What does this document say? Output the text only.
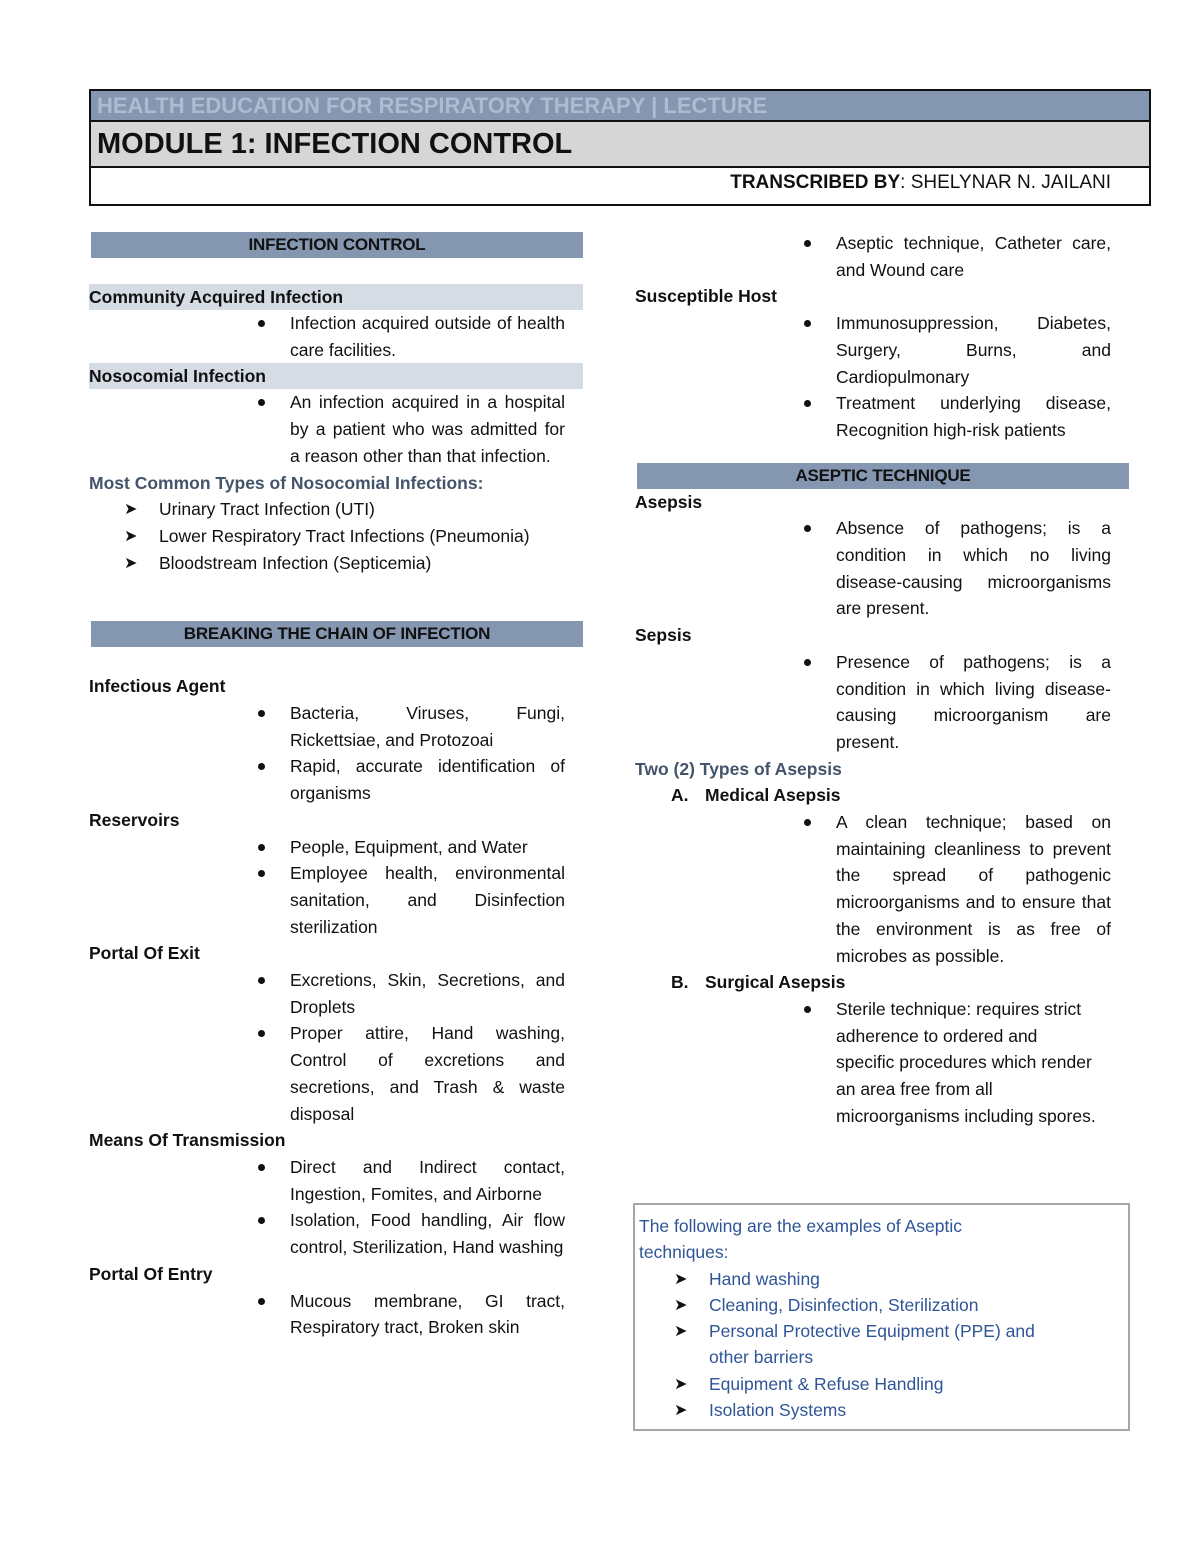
HEALTH EDUCATION FOR RESPIRATORY THERAPY | LECTURE
MODULE 1: INFECTION CONTROL
TRANSCRIBED BY: SHELYNAR N. JAILANI
INFECTION CONTROL
Community Acquired Infection
Infection acquired outside of health care facilities.
Nosocomial Infection
An infection acquired in a hospital by a patient who was admitted for a reason other than that infection.
Most Common Types of Nosocomial Infections:
➤ Urinary Tract Infection (UTI)
➤ Lower Respiratory Tract Infections (Pneumonia)
➤ Bloodstream Infection (Septicemia)
BREAKING THE CHAIN OF INFECTION
Infectious Agent
Bacteria, Viruses, Fungi, Rickettsiae, and Protozoai
Rapid, accurate identification of organisms
Reservoirs
People, Equipment, and Water
Employee health, environmental sanitation, and Disinfection sterilization
Portal Of Exit
Excretions, Skin, Secretions, and Droplets
Proper attire, Hand washing, Control of excretions and secretions, and Trash & waste disposal
Means Of Transmission
Direct and Indirect contact, Ingestion, Fomites, and Airborne
Isolation, Food handling, Air flow control, Sterilization, Hand washing
Portal Of Entry
Mucous membrane, GI tract, Respiratory tract, Broken skin
Aseptic technique, Catheter care, and Wound care
Susceptible Host
Immunosuppression, Diabetes, Surgery, Burns, and Cardiopulmonary
Treatment underlying disease, Recognition high-risk patients
ASEPTIC TECHNIQUE
Asepsis
Absence of pathogens; is a condition in which no living disease-causing microorganisms are present.
Sepsis
Presence of pathogens; is a condition in which living disease-causing microorganism are present.
Two (2) Types of Asepsis
A. Medical Asepsis
A clean technique; based on maintaining cleanliness to prevent the spread of pathogenic microorganisms and to ensure that the environment is as free of microbes as possible.
B. Surgical Asepsis
Sterile technique: requires strict adherence to ordered and specific procedures which render an area free from all microorganisms including spores.
The following are the examples of Aseptic techniques:
➤ Hand washing
➤ Cleaning, Disinfection, Sterilization
➤ Personal Protective Equipment (PPE) and other barriers
➤ Equipment & Refuse Handling
➤ Isolation Systems
